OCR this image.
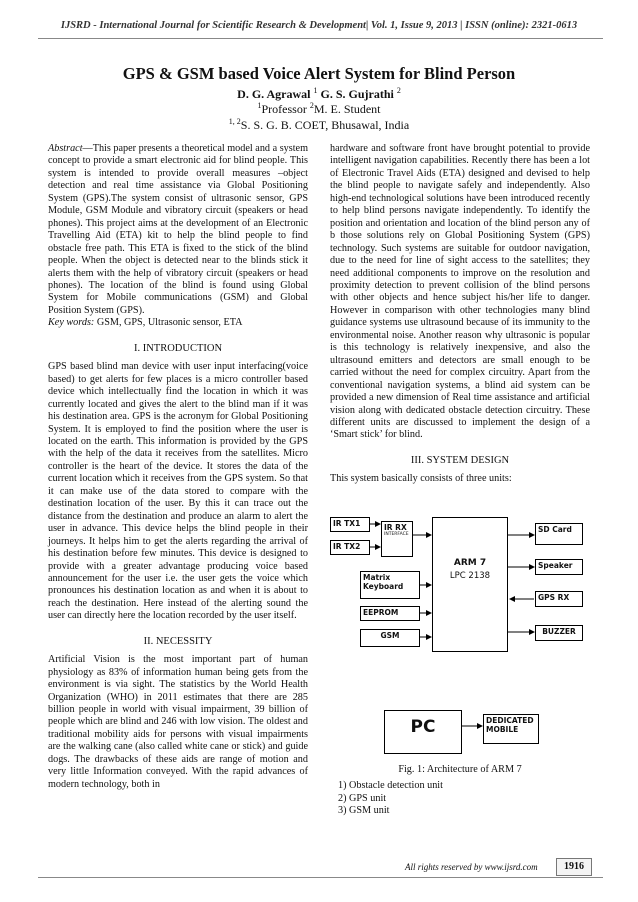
IJSRD - International Journal for Scientific Research & Development| Vol. 1, Issue 9, 2013 | ISSN (online): 2321-0613
GPS & GSM based Voice Alert System for Blind Person
D. G. Agrawal $^1$ G. S. Gujrathi $^2$
$^1$Professor $^2$M. E. Student
$^{1, 2}$S. S. G. B. COET, Bhusawal, India

Abstract—This paper presents a theoretical model and a system concept to provide a smart electronic aid for blind people. This system is intended to provide overall measures –object detection and real time assistance via Global Positioning System (GPS).The system consist of ultrasonic sensor, GPS Module, GSM Module and vibratory circuit (speakers or head phones). This project aims at the development of an Electronic Travelling Aid (ETA) kit to help the blind people to find obstacle free path. This ETA is fixed to the stick of the blind people. When the object is detected near to the blinds stick it alerts them with the help of vibratory circuit (speakers or head phones). The location of the blind is found using Global System for Mobile communications (GSM) and Global Position System (GPS).

Key words: GSM, GPS, Ultrasonic sensor, ETA

I. INTRODUCTION

GPS based blind man device with user input interfacing(voice based) to get alerts for few places is a micro controller based device which intellectually find the location in which it was currently located and gives the alert to the blind man if it was his destination area. GPS is the acronym for Global Positioning System. It is employed to find the position where the user is located on the earth. This information is provided by the GPS with the help of the data it receives from the satellites. Micro controller is the heart of the device. It stores the data of the current location which it receives from the GPS system. So that it can make use of the data stored to compare with the destination location of the user. By this it can trace out the distance from the destination and produce an alarm to alert the user in advance. This device helps the blind people in their journeys. It helps him to get the alerts regarding the arrival of his destination before few minutes. This device is designed to provide with a greater advantage producing voice based announcement for the user i.e. the user gets the voice which pronounces his destination location as and when it is about to reach the destination. Here instead of the alerting sound the user can directly here the location recorded by the user itself.

II. NECESSITY

Artificial Vision is the most important part of human physiology as 83% of information human being gets from the environment is via sight. The statistics by the World Health Organization (WHO) in 2011 estimates that there are 285 billion people in world with visual impairment, 39 billion of people which are blind and 246 with low vision. The oldest and traditional mobility aids for persons with visual impairments are the walking cane (also called white cane or stick) and guide dogs. The drawbacks of these aids are range of motion and very little Information conveyed. With the rapid advances of modern technology, both in

hardware and software front have brought potential to provide intelligent navigation capabilities. Recently there has been a lot of Electronic Travel Aids (ETA) designed and devised to help the blind people to navigate safely and independently. Also high-end technological solutions have been introduced recently to help blind persons navigate independently. To identify the position and orientation and location of the blind person any of b those solutions rely on Global Positioning System (GPS) technology. Such systems are suitable for outdoor navigation, due to the need for line of sight access to the satellites; they need additional components to improve on the resolution and proximity detection to prevent collision of the blind persons with other objects and hence subject his/her life to danger. However in comparison with other technologies many blind guidance systems use ultrasound because of its immunity to the environmental noise. Another reason why ultrasonic is popular is this technology is relatively inexpensive, and also the ultrasound emitters and detectors are small enough to be carried without the need for complex circuitry. Apart from the conventional navigation systems, a blind aid system can be provided a new dimension of Real time assistance and artificial vision along with dedicated obstacle detection circuitry. These different units are discussed to implement the design of a ‘Smart stick’ for blind.

III. SYSTEM DESIGN

This system basically consists of three units:

IR TX1
IR TX2
IR RX
INTERFACE
ARM 7
LPC 2138
Matrix Keyboard
EEPROM
GSM
SD Card
Speaker
GPS RX
BUZZER
PC	DEDICATED MOBILE
Fig. 1: Architecture of ARM 7
1) Obstacle detection unit
2) GPS unit
3) GSM unit
All rights reserved by www.ijsrd.com	1916
